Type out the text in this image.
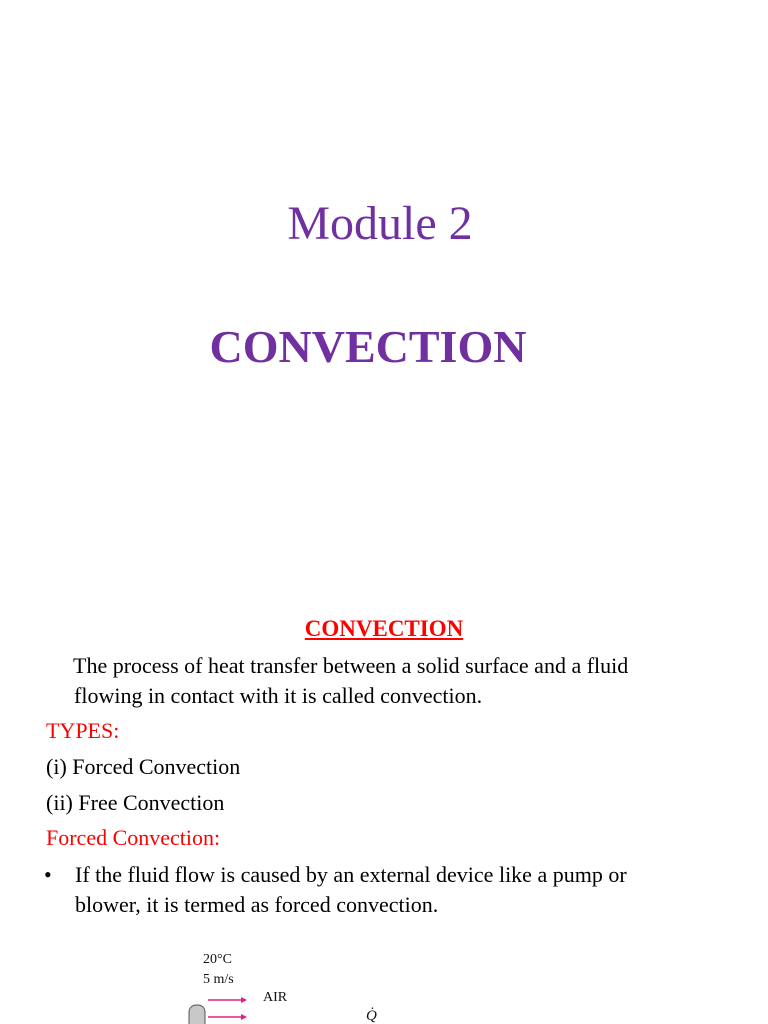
Module 2
CONVECTION
CONVECTION
The process of heat transfer between a solid surface and a fluid
flowing in contact with it is called convection.
TYPES:
(i) Forced Convection
(ii) Free Convection
Forced Convection:
• If the fluid flow is caused by an external device like a pump or
blower, it is termed as forced convection.
20°C
5 m/s
AIR
Q̇
